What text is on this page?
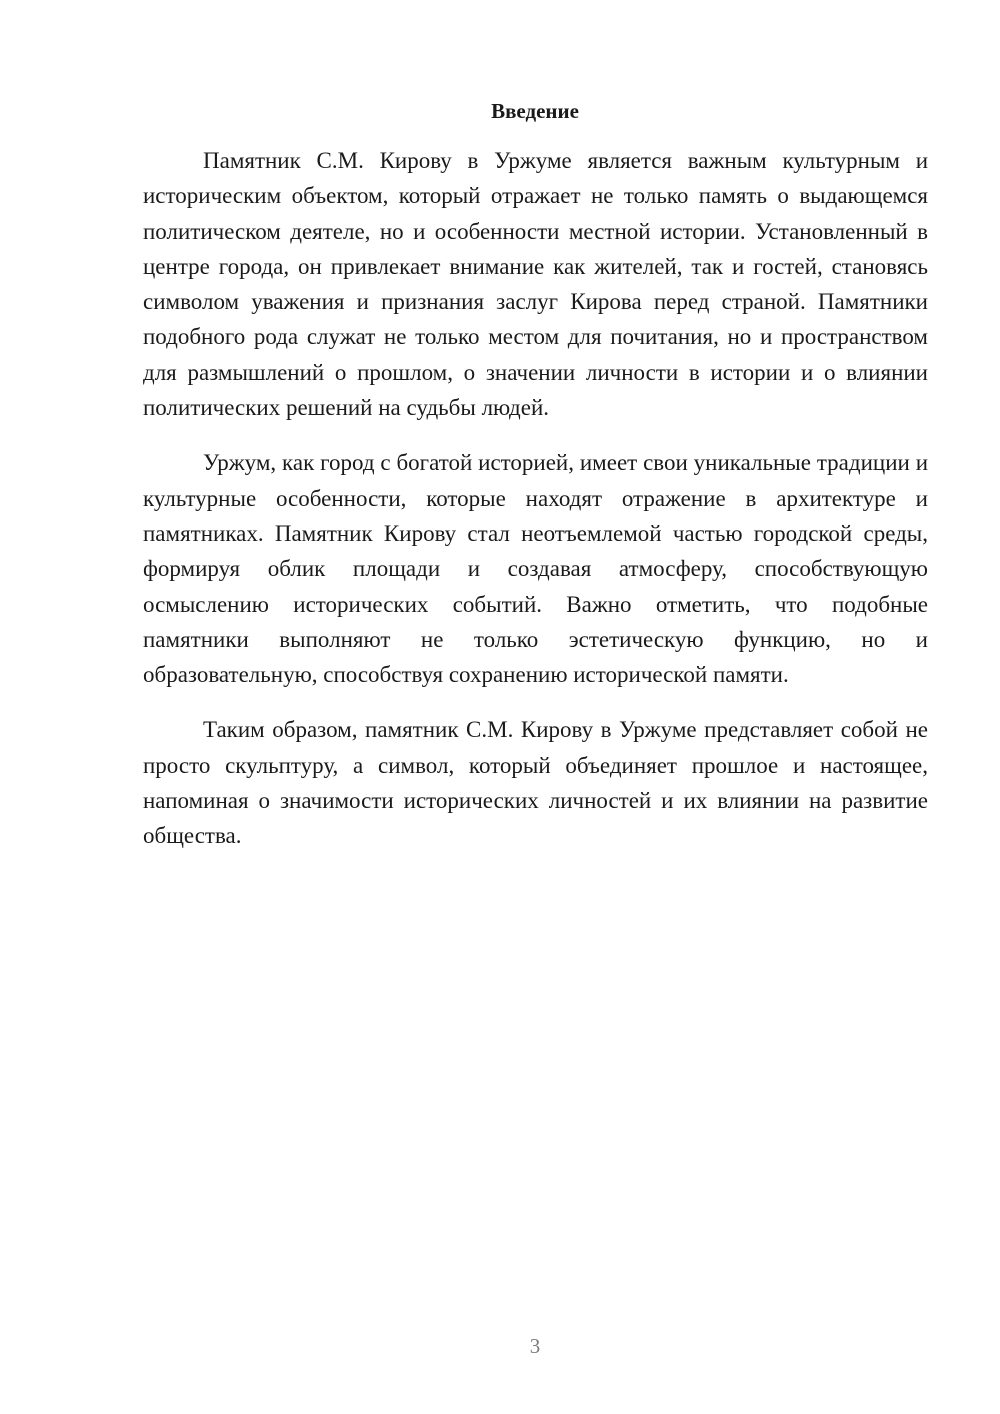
Введение

Памятник С.М. Кирову в Уржуме является важным культурным и историческим объектом, который отражает не только память о выдающемся политическом деятеле, но и особенности местной истории. Установленный в центре города, он привлекает внимание как жителей, так и гостей, становясь символом уважения и признания заслуг Кирова перед страной. Памятники подобного рода служат не только местом для почитания, но и пространством для размышлений о прошлом, о значении личности в истории и о влиянии политических решений на судьбы людей.

Уржум, как город с богатой историей, имеет свои уникальные традиции и культурные особенности, которые находят отражение в архитектуре и памятниках. Памятник Кирову стал неотъемлемой частью городской среды, формируя облик площади и создавая атмосферу, способствующую осмыслению исторических событий. Важно отметить, что подобные памятники выполняют не только эстетическую функцию, но и образовательную, способствуя сохранению исторической памяти.

Таким образом, памятник С.М. Кирову в Уржуме представляет собой не просто скульптуру, а символ, который объединяет прошлое и настоящее, напоминая о значимости исторических личностей и их влиянии на развитие общества.

3
